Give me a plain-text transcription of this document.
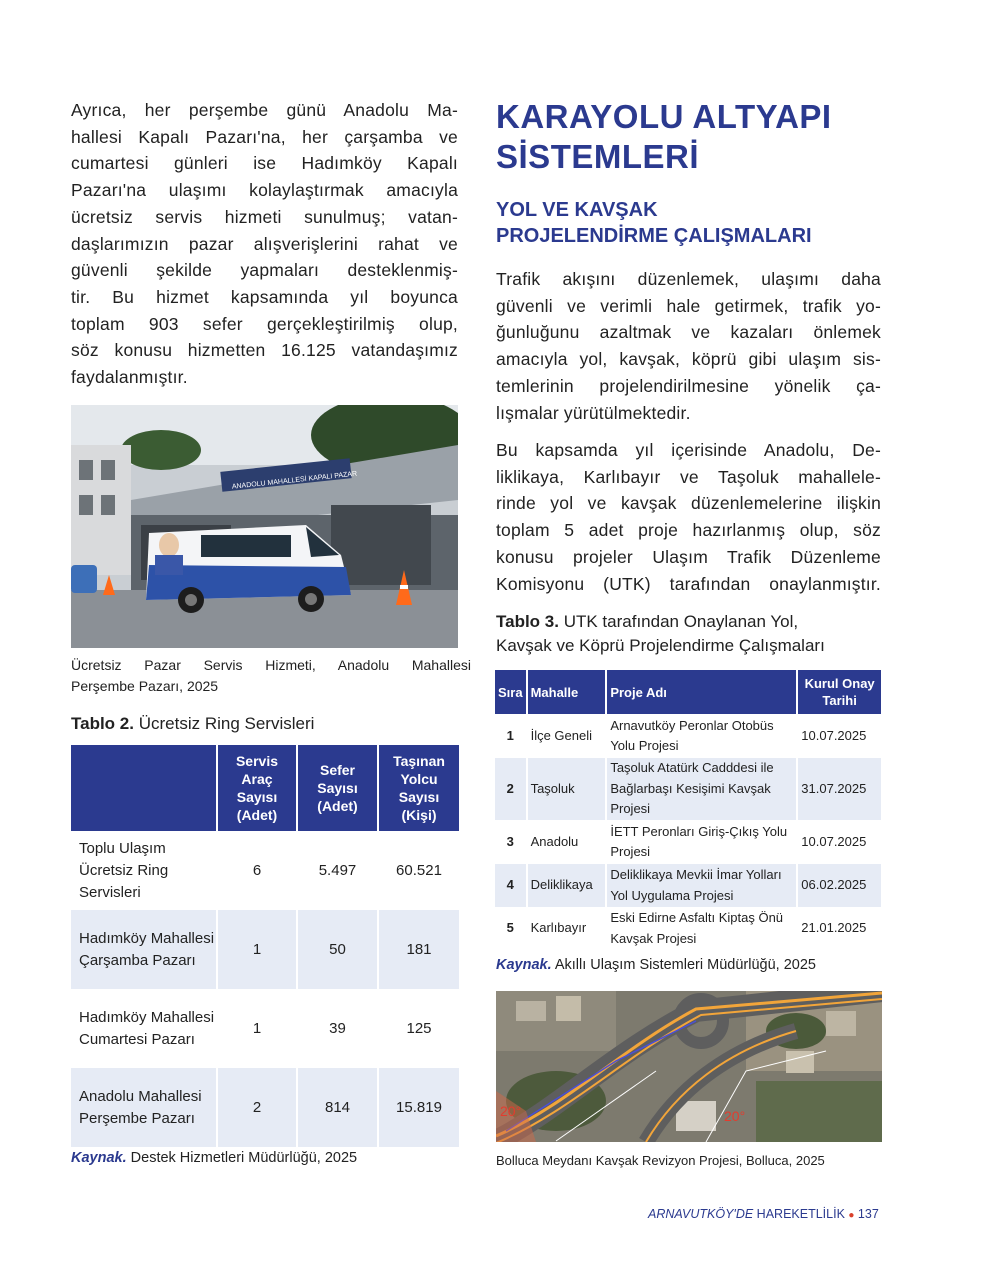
Ayrıca, her perşembe günü Anadolu Ma-
hallesi Kapalı Pazarı'na, her çarşamba ve
cumartesi günleri ise Hadımköy Kapalı
Pazarı'na ulaşımı kolaylaştırmak amacıyla
ücretsiz servis hizmeti sunulmuş; vatan-
daşlarımızın pazar alışverişlerini rahat ve
güvenli şekilde yapmaları desteklenmiş-
tir. Bu hizmet kapsamında yıl boyunca
toplam 903 sefer gerçekleştirilmiş olup,
söz konusu hizmetten 16.125 vatandaşımız
faydalanmıştır.
ANADOLU MAHALLESİ KAPALI PAZAR
Ücretsiz Pazar Servis Hizmeti, Anadolu Mahallesi
Perşembe Pazarı, 2025
Tablo 2. Ücretsiz Ring Servisleri
	Servis Araç Sayısı (Adet)	Sefer Sayısı (Adet)	Taşınan Yolcu Sayısı (Kişi)
Toplu Ulaşım Ücretsiz Ring Servisleri	6	5.497	60.521
Hadımköy Mahallesi Çarşamba Pazarı	1	50	181
Hadımköy Mahallesi Cumartesi Pazarı	1	39	125
Anadolu Mahallesi Perşembe Pazarı	2	814	15.819
Kaynak. Destek Hizmetleri Müdürlüğü, 2025
KARAYOLU ALTYAPI
SİSTEMLERİ
YOL VE KAVŞAK
PROJELENDİRME ÇALIŞMALARI
Trafik akışını düzenlemek, ulaşımı daha
güvenli ve verimli hale getirmek, trafik yo-
ğunluğunu azaltmak ve kazaları önlemek
amacıyla yol, kavşak, köprü gibi ulaşım sis-
temlerinin projelendirilmesine yönelik ça-
lışmalar yürütülmektedir.
Bu kapsamda yıl içerisinde Anadolu, De-
liklikaya, Karlıbayır ve Taşoluk mahallele-
rinde yol ve kavşak düzenlemelerine ilişkin
toplam 5 adet proje hazırlanmış olup, söz
konusu projeler Ulaşım Trafik Düzenleme
Komisyonu (UTK) tarafından onaylanmıştır.
Tablo 3. UTK tarafından Onaylanan Yol,
Kavşak ve Köprü Projelendirme Çalışmaları
Sıra	Mahalle	Proje Adı	Kurul Onay Tarihi
1	İlçe Geneli	Arnavutköy Peronlar Otobüs Yolu Projesi	10.07.2025
2	Taşoluk	Taşoluk Atatürk Cadddesi ile Bağlarbaşı Kesişimi Kavşak Projesi	31.07.2025
3	Anadolu	İETT Peronları Giriş-Çıkış Yolu Projesi	10.07.2025
4	Deliklikaya	Deliklikaya Mevkii İmar Yolları Yol Uygulama Projesi	06.02.2025
5	Karlıbayır	Eski Edirne Asfaltı Kiptaş Önü Kavşak Projesi	21.01.2025
Kaynak. Akıllı Ulaşım Sistemleri Müdürlüğü, 2025
20°	20°
Bolluca Meydanı Kavşak Revizyon Projesi, Bolluca, 2025
ARNAVUTKÖY'DE HAREKETLİLİK ● 137
